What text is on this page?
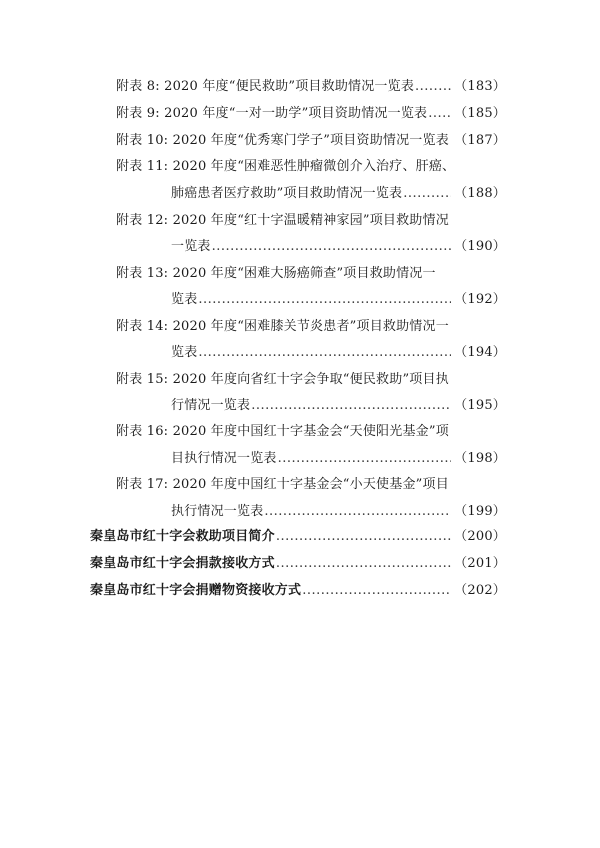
附表 8: 2020 年度“便民救助”项目救助情况一览表 .....	（183）
附表 9: 2020 年度“一对一助学”项目资助情况一览表 ..... （185）
附表 10: 2020 年度“优秀寒门学子”项目资助情况一览表 ..... （187）
附表 11: 2020 年度“困难恶性肿瘤微创介入治疗、肝癌、
肺癌患者医疗救助”项目救助情况一览表 .....	（188）
附表 12: 2020 年度“红十字温暖精神家园”项目救助情况
一览表 .....	（190）
附表 13: 2020 年度“困难大肠癌筛查”项目救助情况一
览表 .....	（192）
附表 14: 2020 年度“困难膝关节炎患者”项目救助情况一
览表 .....	（194）
附表 15: 2020 年度向省红十字会争取“便民救助”项目执
行情况一览表 .....	（195）
附表 16: 2020 年度中国红十字基金会“天使阳光基金”项
目执行情况一览表 .....	（198）
附表 17: 2020 年度中国红十字基金会“小天使基金”项目
执行情况一览表 .....	（199）
秦皇岛市红十字会救助项目简介 .....	（200）
秦皇岛市红十字会捐款接收方式 .....	（201）
秦皇岛市红十字会捐赠物资接收方式 .....	（202）
